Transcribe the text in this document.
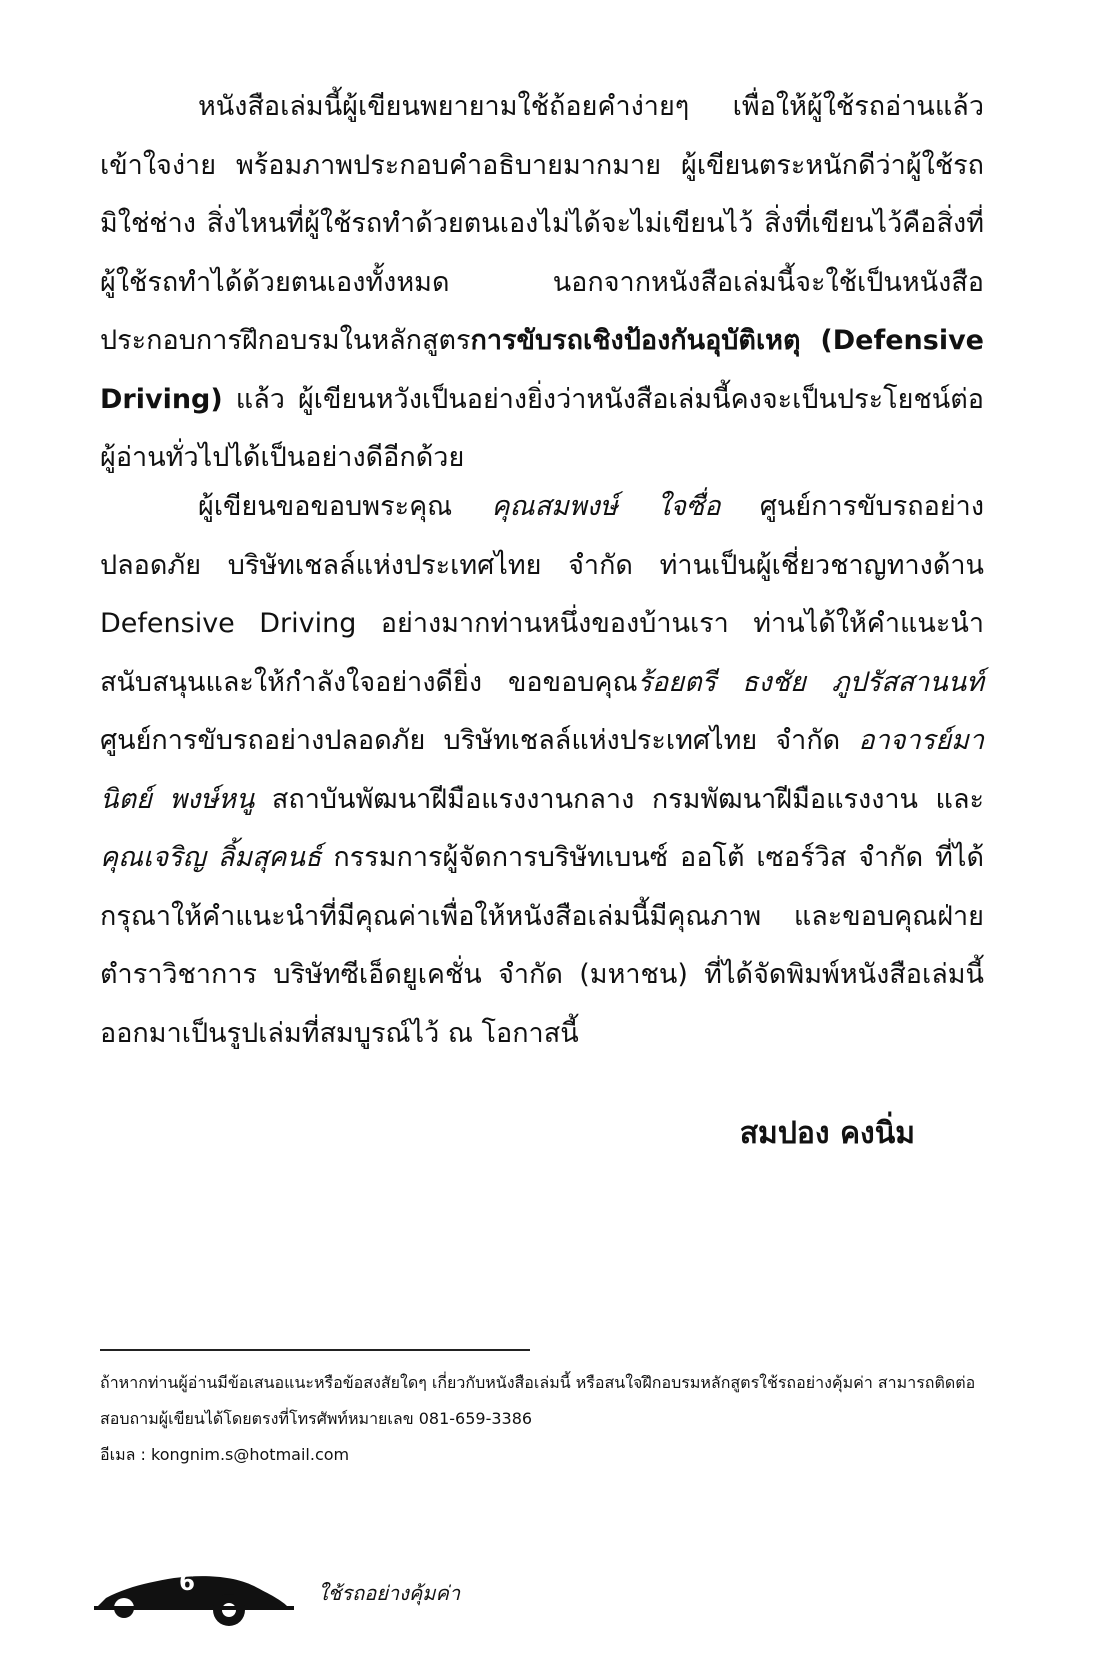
หนังสือเล่มนี้ผู้เขียนพยายามใช้ถ้อยคำง่ายๆ เพื่อให้ผู้ใช้รถอ่านแล้วเข้าใจง่าย พร้อมภาพประกอบคำอธิบายมากมาย ผู้เขียนตระหนักดีว่าผู้ใช้รถมิใช่ช่าง สิ่งไหนที่ผู้ใช้รถทำด้วยตนเองไม่ได้จะไม่เขียนไว้ สิ่งที่เขียนไว้คือสิ่งที่ผู้ใช้รถทำได้ด้วยตนเองทั้งหมด นอกจากหนังสือเล่มนี้จะใช้เป็นหนังสือประกอบการฝึกอบรมในหลักสูตรการขับรถเชิงป้องกันอุบัติเหตุ (Defensive Driving) แล้ว ผู้เขียนหวังเป็นอย่างยิ่งว่าหนังสือเล่มนี้คงจะเป็นประโยชน์ต่อผู้อ่านทั่วไปได้เป็นอย่างดีอีกด้วย

ผู้เขียนขอขอบพระคุณ คุณสมพงษ์ ใจซื่อ ศูนย์การขับรถอย่างปลอดภัย บริษัทเชลล์แห่งประเทศไทย จำกัด ท่านเป็นผู้เชี่ยวชาญทางด้าน Defensive Driving อย่างมากท่านหนึ่งของบ้านเรา ท่านได้ให้คำแนะนำ สนับสนุนและให้กำลังใจอย่างดียิ่ง ขอขอบคุณร้อยตรี ธงชัย ภูปรัสสานนท์ ศูนย์การขับรถอย่างปลอดภัย บริษัทเชลล์แห่งประเทศไทย จำกัด อาจารย์มานิตย์ พงษ์หนู สถาบันพัฒนาฝีมือแรงงานกลาง กรมพัฒนาฝีมือแรงงาน และคุณเจริญ ลิ้มสุคนธ์ กรรมการผู้จัดการบริษัทเบนซ์ ออโต้ เซอร์วิส จำกัด ที่ได้กรุณาให้คำแนะนำที่มีคุณค่าเพื่อให้หนังสือเล่มนี้มีคุณภาพ และขอบคุณฝ่ายตำราวิชาการ บริษัทซีเอ็ดยูเคชั่น จำกัด (มหาชน) ที่ได้จัดพิมพ์หนังสือเล่มนี้ออกมาเป็นรูปเล่มที่สมบูรณ์ไว้ ณ โอกาสนี้

สมปอง คงนิ่ม

ถ้าหากท่านผู้อ่านมีข้อเสนอแนะหรือข้อสงสัยใดๆ เกี่ยวกับหนังสือเล่มนี้ หรือสนใจฝึกอบรมหลักสูตรใช้รถอย่างคุ้มค่า สามารถติดต่อสอบถามผู้เขียนได้โดยตรงที่โทรศัพท์หมายเลข 081-659-3386
อีเมล : kongnim.s@hotmail.com

6	ใช้รถอย่างคุ้มค่า
